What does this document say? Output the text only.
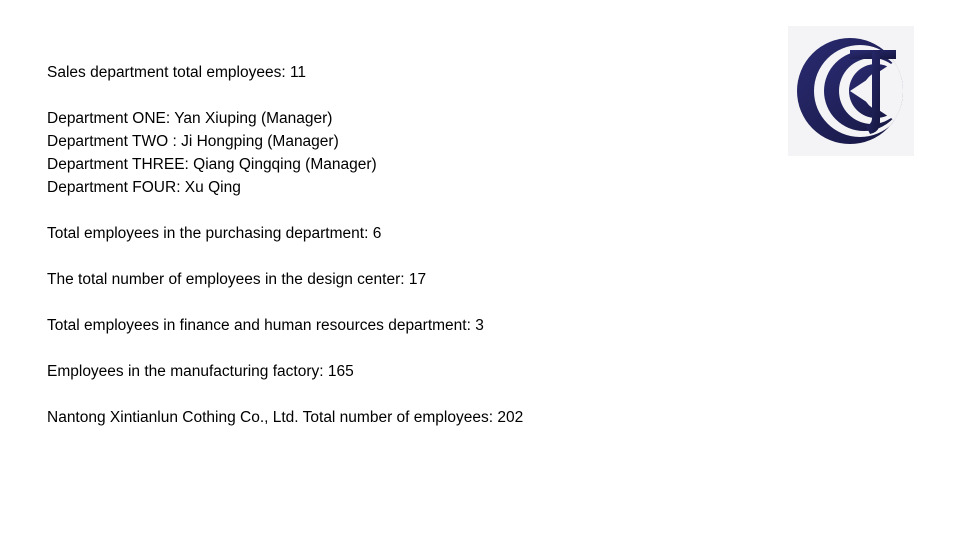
Sales department total employees: 11
Department ONE: Yan Xiuping (Manager)
Department TWO : Ji Hongping (Manager)
Department THREE: Qiang Qingqing (Manager)
Department FOUR: Xu Qing
Total employees in the purchasing department: 6
The total number of employees in the design center: 17
Total employees in finance and human resources department: 3
Employees in the manufacturing factory: 165
Nantong Xintianlun Cothing Co., Ltd. Total number of employees: 202
